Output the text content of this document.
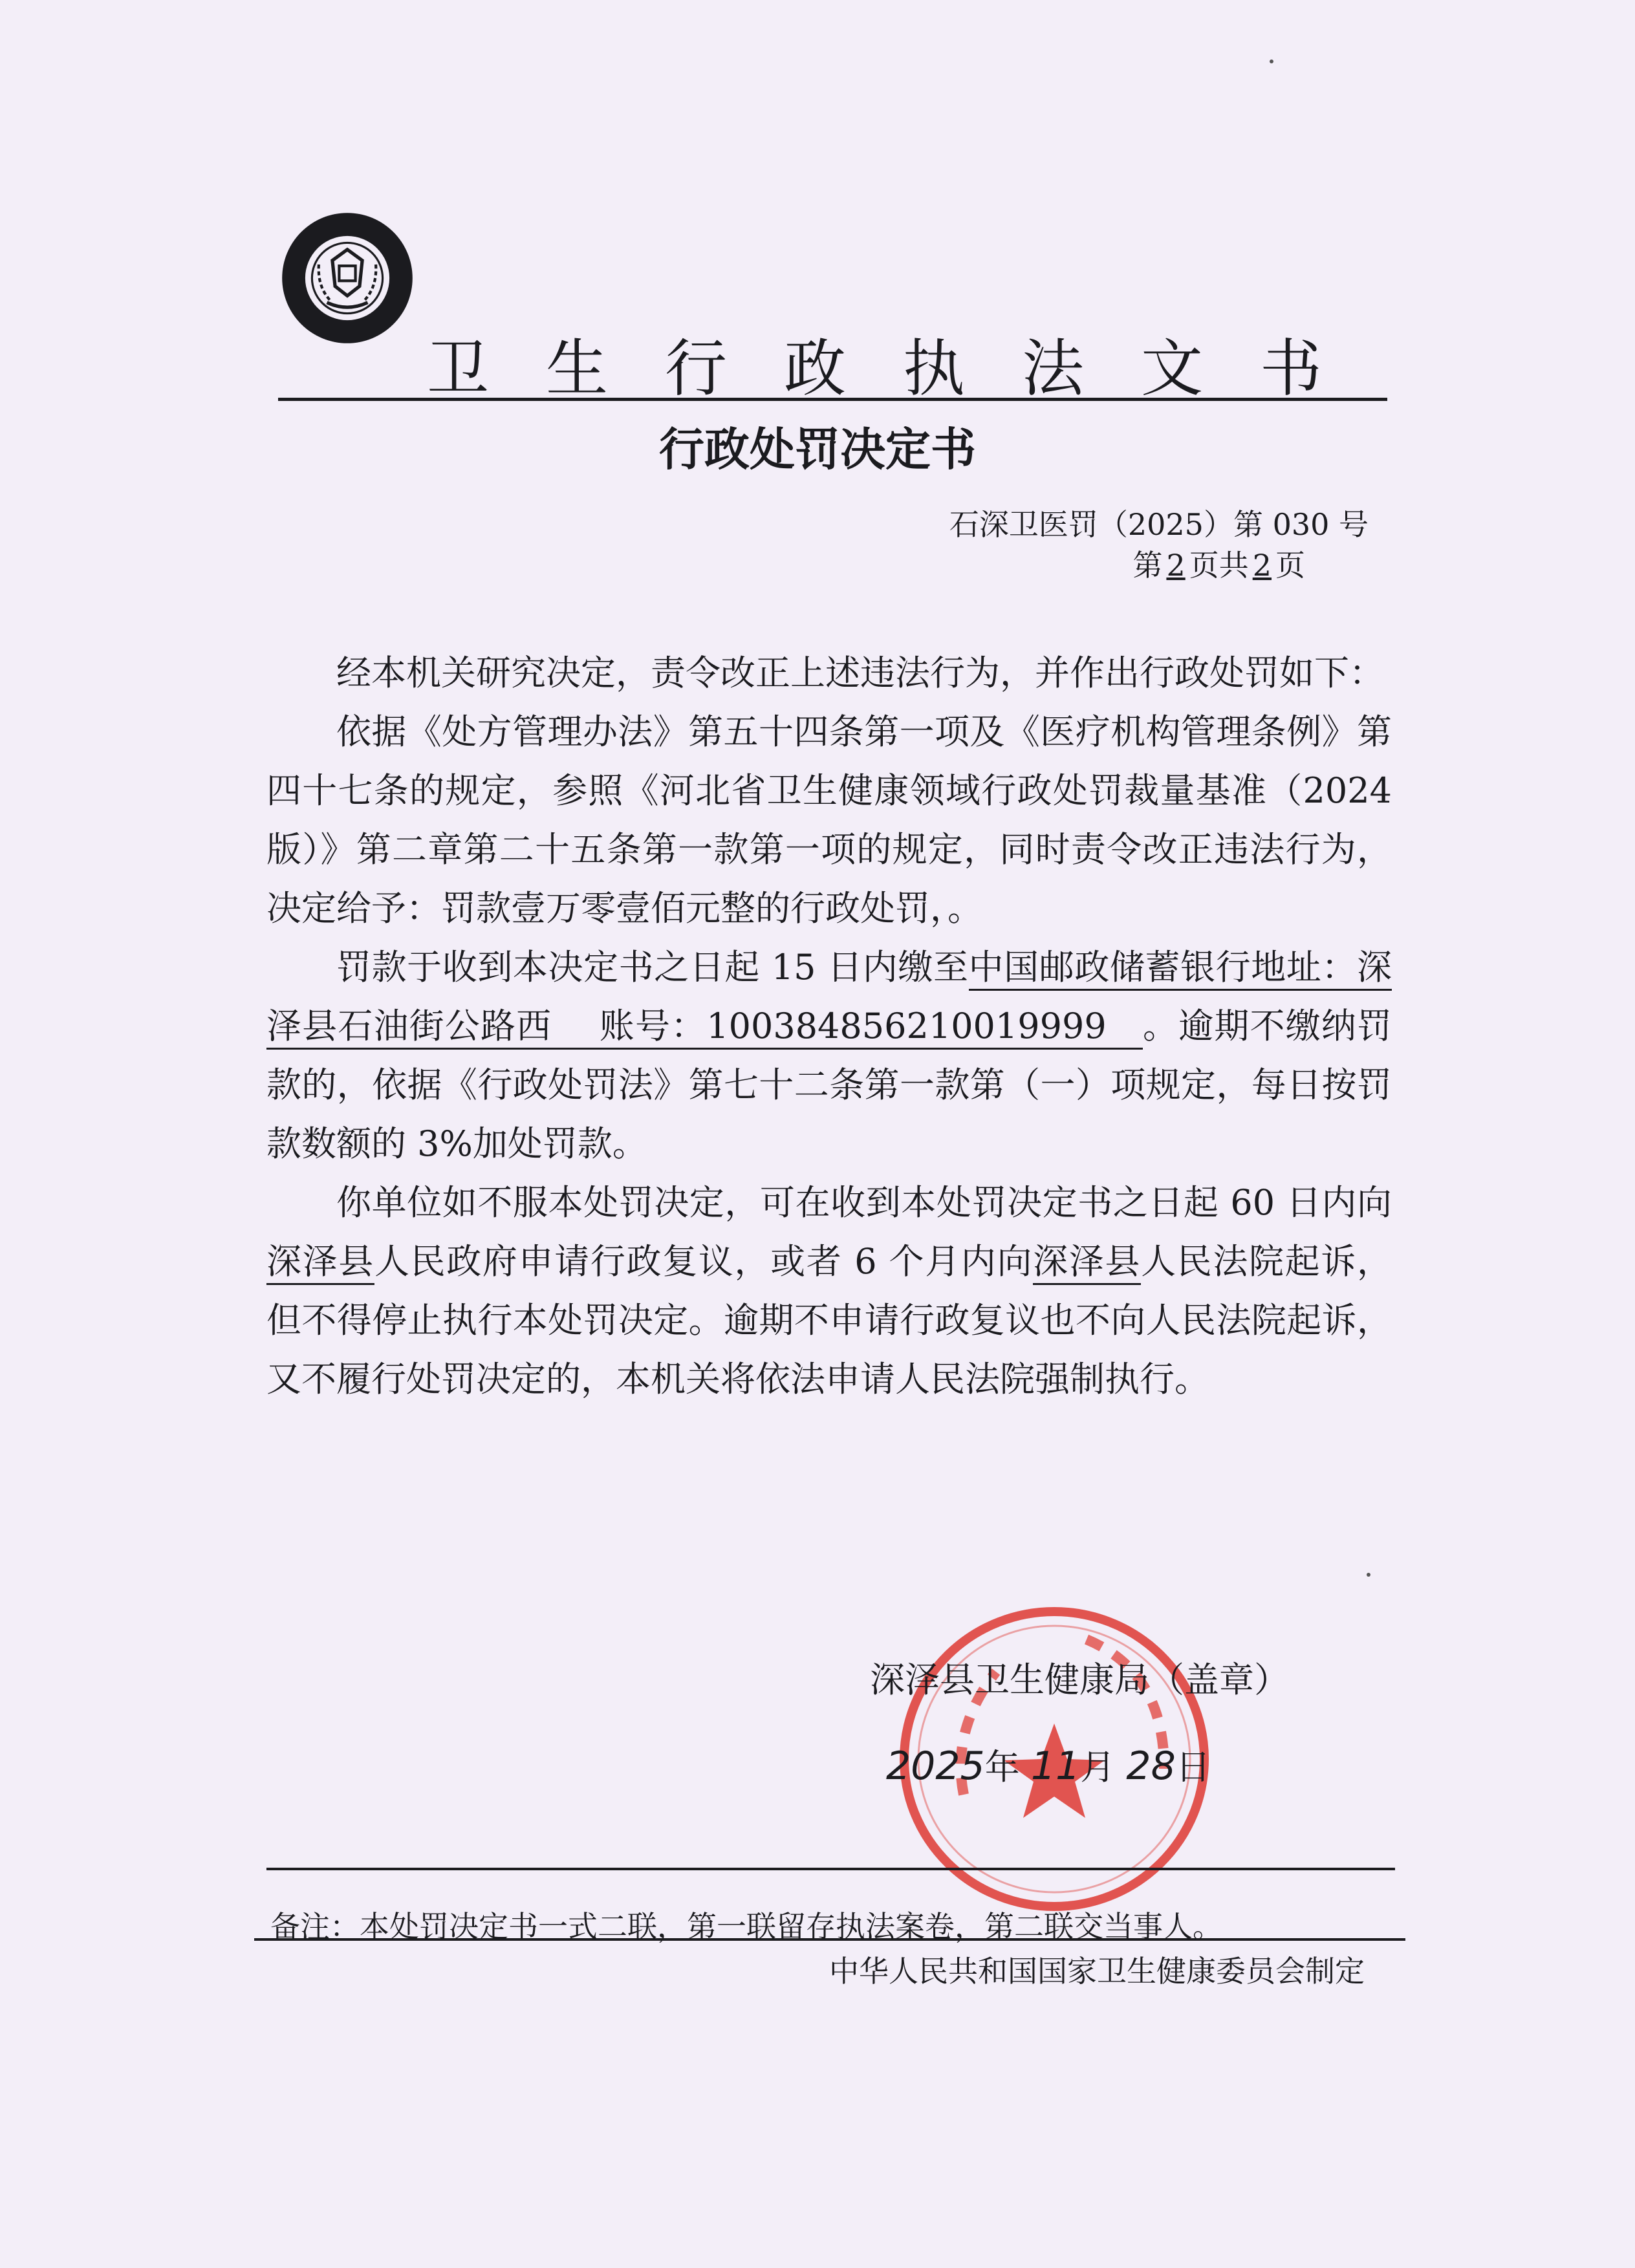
卫生行政执法文书
行政处罚决定书
石深卫医罚（2025）第 030 号
第 2 页共 2 页

经本机关研究决定，责令改正上述违法行为，并作出行政处罚如下：

依据《处方管理办法》第五十四条第一项及《医疗机构管理条例》第四十七条的规定，参照《河北省卫生健康领域行政处罚裁量基准（2024 版）》第二章第二十五条第一款第一项的规定，同时责令改正违法行为，决定给予：罚款壹万零壹佰元整的行政处罚，。

罚款于收到本决定书之日起 15 日内缴至中国邮政储蓄银行地址：深泽县石油街公路西　 账号：100384856210019999　。逾期不缴纳罚款的，依据《行政处罚法》第七十二条第一款第（一）项规定，每日按罚款数额的 3%加处罚款。

你单位如不服本处罚决定，可在收到本处罚决定书之日起 60 日内向深泽县人民政府申请行政复议，或者 6 个月内向深泽县人民法院起诉，但不得停止执行本处罚决定。逾期不申请行政复议也不向人民法院起诉，又不履行处罚决定的，本机关将依法申请人民法院强制执行。

深泽县卫生健康局（盖章）
2025年 11月 28日
备注：本处罚决定书一式二联，第一联留存执法案卷，第二联交当事人。
中华人民共和国国家卫生健康委员会制定
